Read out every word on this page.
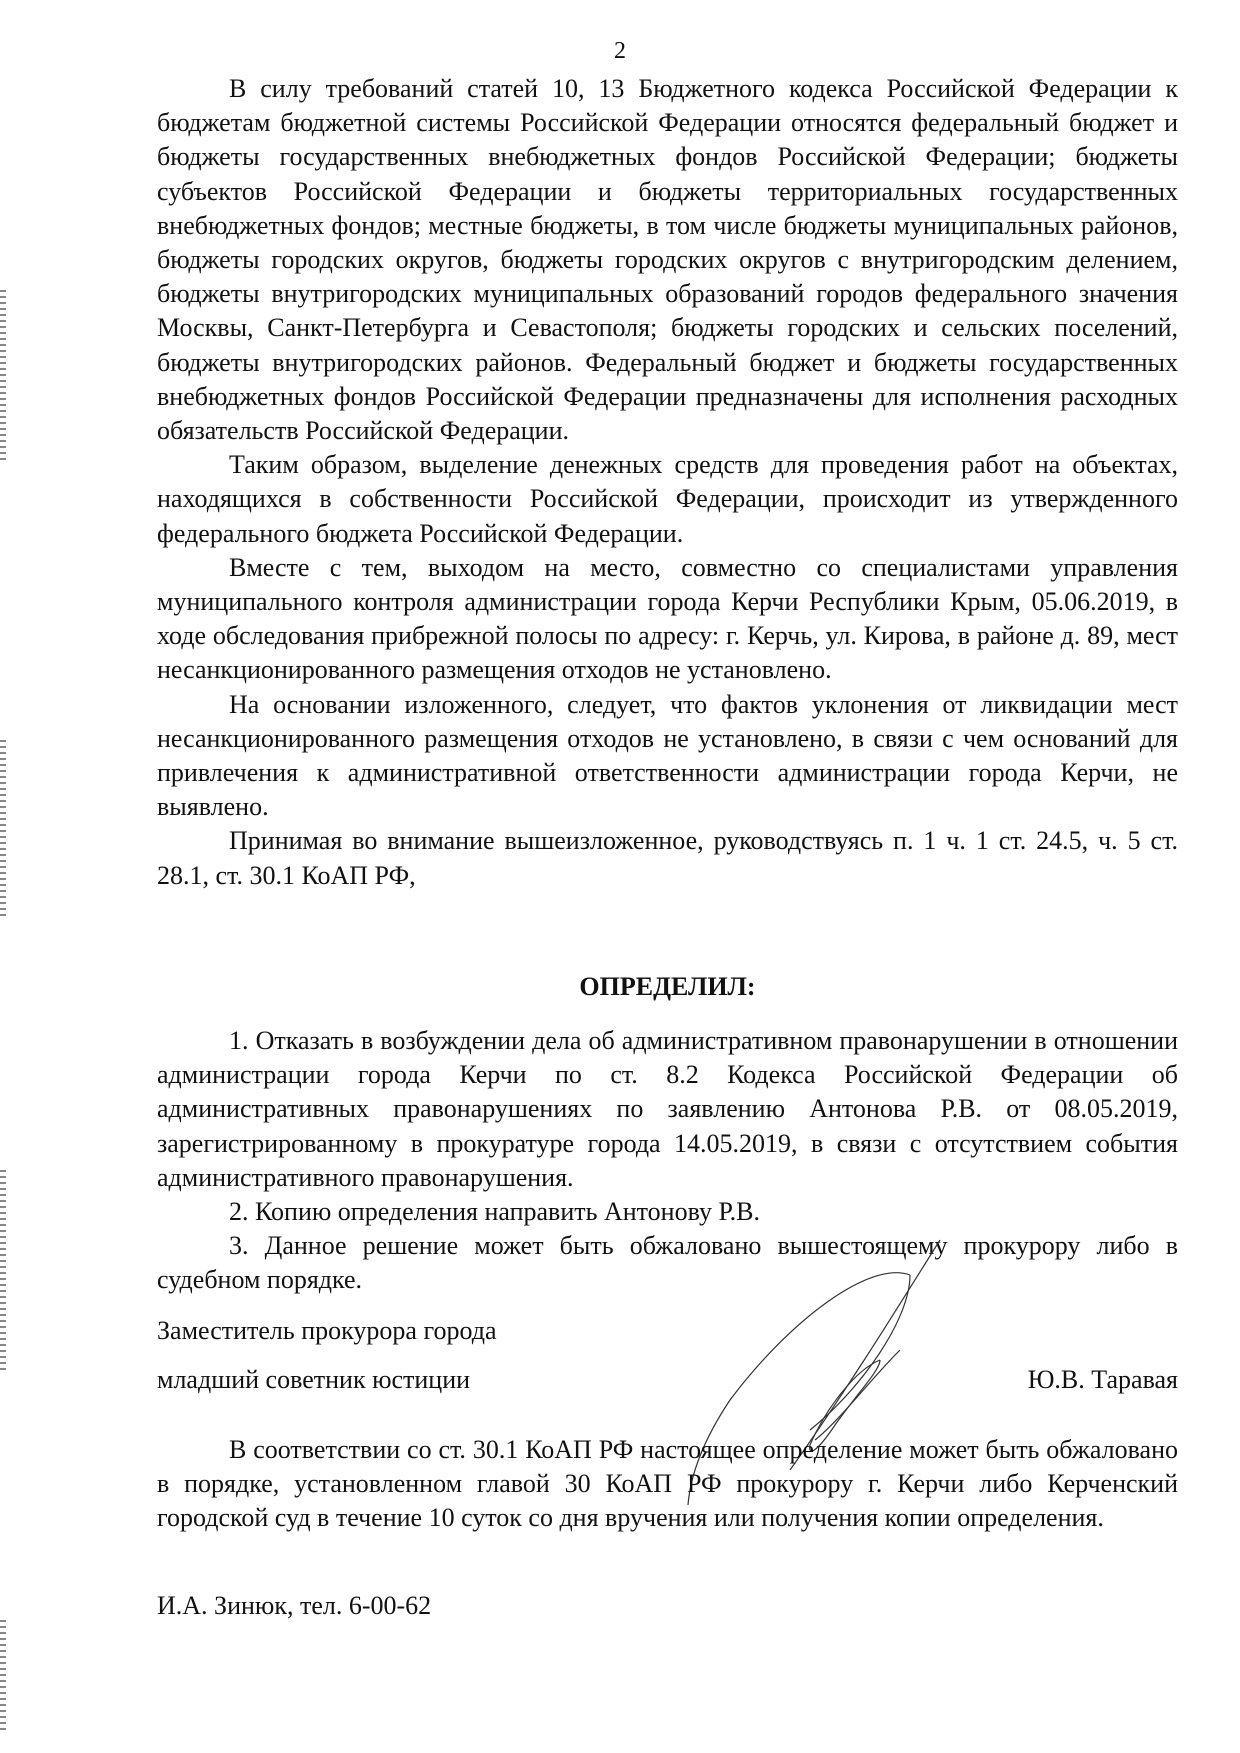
2

В силу требований статей 10, 13 Бюджетного кодекса Российской Федерации к бюджетам бюджетной системы Российской Федерации относятся федеральный бюджет и бюджеты государственных внебюджетных фондов Российской Федерации; бюджеты субъектов Российской Федерации и бюджеты территориальных государственных внебюджетных фондов; местные бюджеты, в том числе бюджеты муниципальных районов, бюджеты городских округов, бюджеты городских округов с внутригородским делением, бюджеты внутригородских муниципальных образований городов федерального значения Москвы, Санкт-Петербурга и Севастополя; бюджеты городских и сельских поселений, бюджеты внутригородских районов. Федеральный бюджет и бюджеты государственных внебюджетных фондов Российской Федерации предназначены для исполнения расходных обязательств Российской Федерации.

Таким образом, выделение денежных средств для проведения работ на объектах, находящихся в собственности Российской Федерации, происходит из утвержденного федерального бюджета Российской Федерации.

Вместе с тем, выходом на место, совместно со специалистами управления муниципального контроля администрации города Керчи Республики Крым, 05.06.2019, в ходе обследования прибрежной полосы по адресу: г. Керчь, ул. Кирова, в районе д. 89, мест несанкционированного размещения отходов не установлено.

На основании изложенного, следует, что фактов уклонения от ликвидации мест несанкционированного размещения отходов не установлено, в связи с чем оснований для привлечения к административной ответственности администрации города Керчи, не выявлено.

Принимая во внимание вышеизложенное, руководствуясь п. 1 ч. 1 ст. 24.5, ч. 5 ст. 28.1, ст. 30.1 КоАП РФ,

ОПРЕДЕЛИЛ:

1. Отказать в возбуждении дела об административном правонарушении в отношении администрации города Керчи по ст. 8.2 Кодекса Российской Федерации об административных правонарушениях по заявлению Антонова Р.В. от 08.05.2019, зарегистрированному в прокуратуре города 14.05.2019, в связи с отсутствием события административного правонарушения.

2. Копию определения направить Антонову Р.В.

3. Данное решение может быть обжаловано вышестоящему прокурору либо в судебном порядке.

Заместитель прокурора города
младший советник юстиции	Ю.В. Таравая

В соответствии со ст. 30.1 КоАП РФ настоящее определение может быть обжаловано в порядке, установленном главой 30 КоАП РФ прокурору г. Керчи либо Керченский городской суд в течение 10 суток со дня вручения или получения копии определения.

И.А. Зинюк, тел. 6-00-62
